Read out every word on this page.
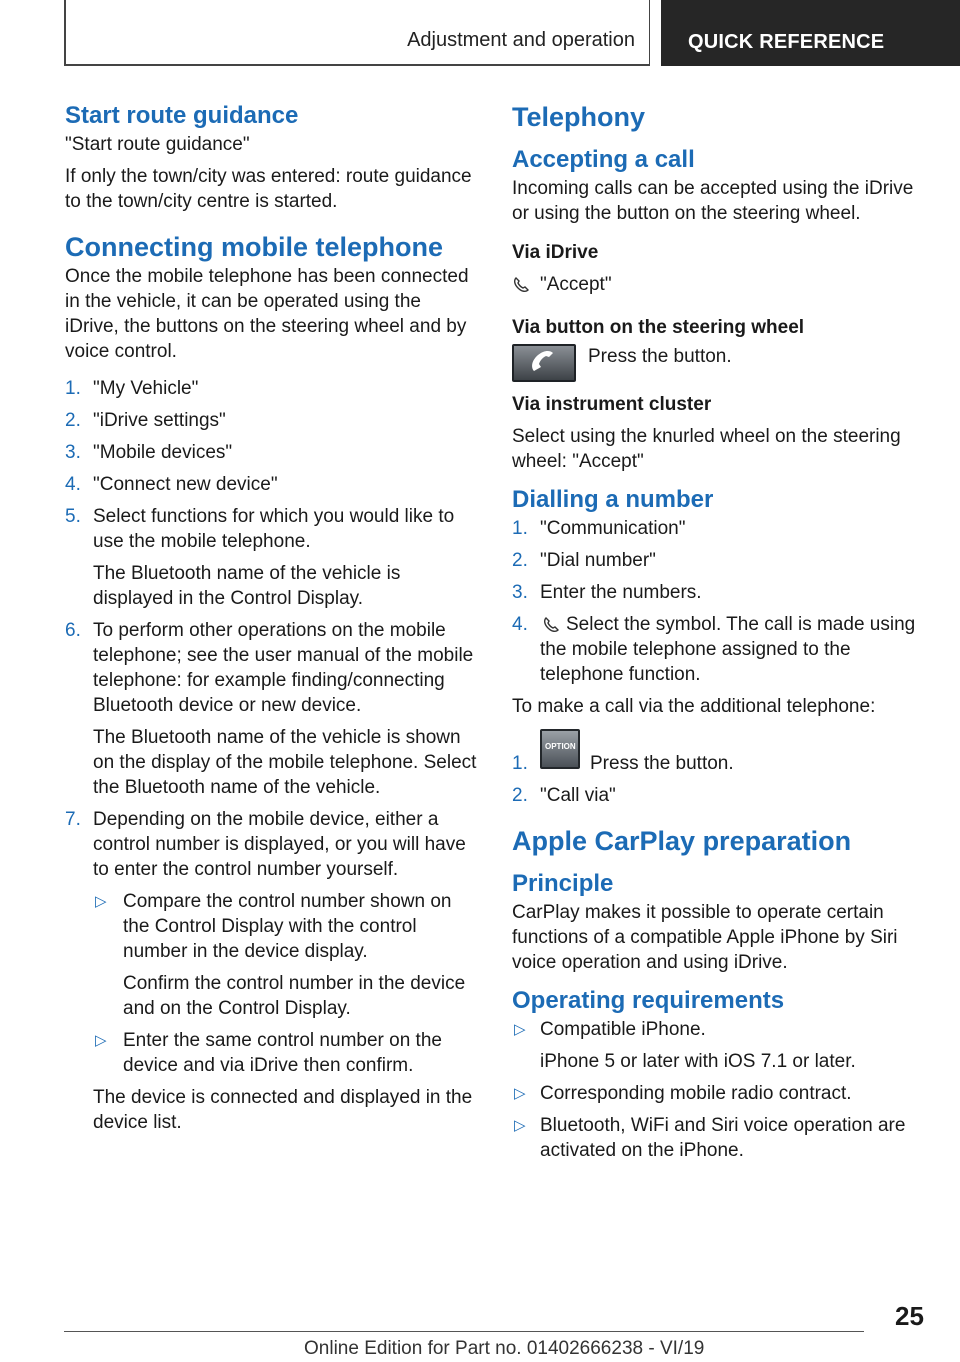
Adjustment and operation	QUICK REFERENCE
Start route guidance

"Start route guidance"

If only the town/city was entered: route guidance to the town/city centre is started.

Connecting mobile telephone

Once the mobile telephone has been connected in the vehicle, it can be operated using the iDrive, the buttons on the steering wheel and by voice control.

1. "My Vehicle"
2. "iDrive settings"
3. "Mobile devices"
4. "Connect new device"
5. Select functions for which you would like to use the mobile telephone.
The Bluetooth name of the vehicle is displayed in the Control Display.
6. To perform other operations on the mobile telephone; see the user manual of the mobile telephone: for example finding/connecting Bluetooth device or new device.
The Bluetooth name of the vehicle is shown on the display of the mobile telephone. Select the Bluetooth name of the vehicle.
7. Depending on the mobile device, either a control number is displayed, or you will have to enter the control number yourself.
▷ Compare the control number shown on the Control Display with the control number in the device display.
Confirm the control number in the device and on the Control Display.
▷ Enter the same control number on the device and via iDrive then confirm.
The device is connected and displayed in the device list.
Telephony
Accepting a call

Incoming calls can be accepted using the iDrive or using the button on the steering wheel.

Via iDrive
"Accept"
Via button on the steering wheel
Press the button.
Via instrument cluster

Select using the knurled wheel on the steering wheel: "Accept"

Dialling a number
1. "Communication"
2. "Dial number"
3. Enter the numbers.
4. Select the symbol. The call is made using the mobile telephone assigned to the telephone function.

To make a call via the additional telephone:

1.
OPTION
Press the button.
2. "Call via"
Apple CarPlay preparation
Principle

CarPlay makes it possible to operate certain functions of a compatible Apple iPhone by Siri voice operation and using iDrive.

Operating requirements
▷ Compatible iPhone.
iPhone 5 or later with iOS 7.1 or later.
▷ Corresponding mobile radio contract.
▷ Bluetooth, WiFi and Siri voice operation are activated on the iPhone.
25
Online Edition for Part no. 01402666238 - VI/19
